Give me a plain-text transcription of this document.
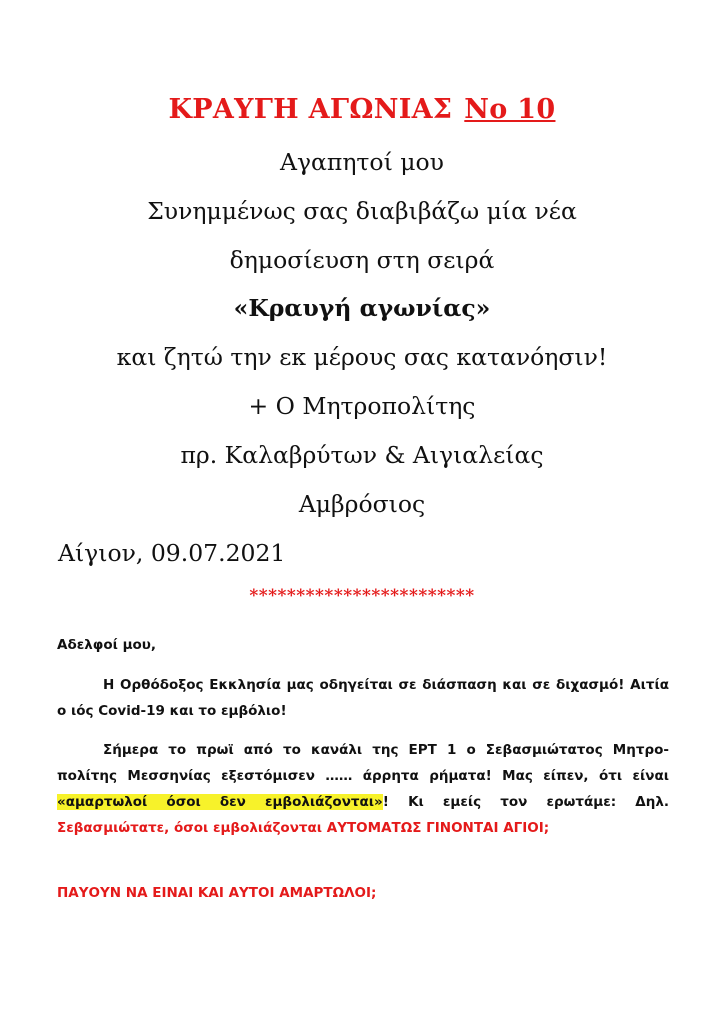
ΚΡΑΥΓΗ ΑΓΩΝΙΑΣ Νο 10
Αγαπητοί μου
Συνημμένως σας διαβιβάζω μία νέα
δημοσίευση στη σειρά
«Κραυγή αγωνίας»
και ζητώ την εκ μέρους σας κατανόησιν!
+ Ο Μητροπολίτης
πρ. Καλαβρύτων & Αιγιαλείας
Αμβρόσιος
Αίγιον, 09.07.2021
************************
Αδελφοί μου,
Η Ορθόδοξος Εκκλησία μας οδηγείται σε διάσπαση και σε διχασμό! Αιτία ο ιός Covid-19 και το εμβόλιο!
Σήμερα το πρωϊ από το κανάλι της ΕΡΤ 1 ο Σεβασμιώτατος Μητρο-πολίτης Μεσσηνίας εξεστόμισεν …… άρρητα ρήματα! Μας είπεν, ότι είναι «αμαρτωλοί όσοι δεν εμβολιάζονται»! Κι εμείς τον ερωτάμε: Δηλ. Σεβασμιώτατε, όσοι εμβολιάζονται ΑΥΤΟΜΑΤΩΣ ΓΙΝΟΝΤΑΙ ΑΓΙΟΙ;
ΠΑΥΟΥΝ ΝΑ ΕΙΝΑΙ ΚΑΙ ΑΥΤΟΙ ΑΜΑΡΤΩΛΟΙ;
